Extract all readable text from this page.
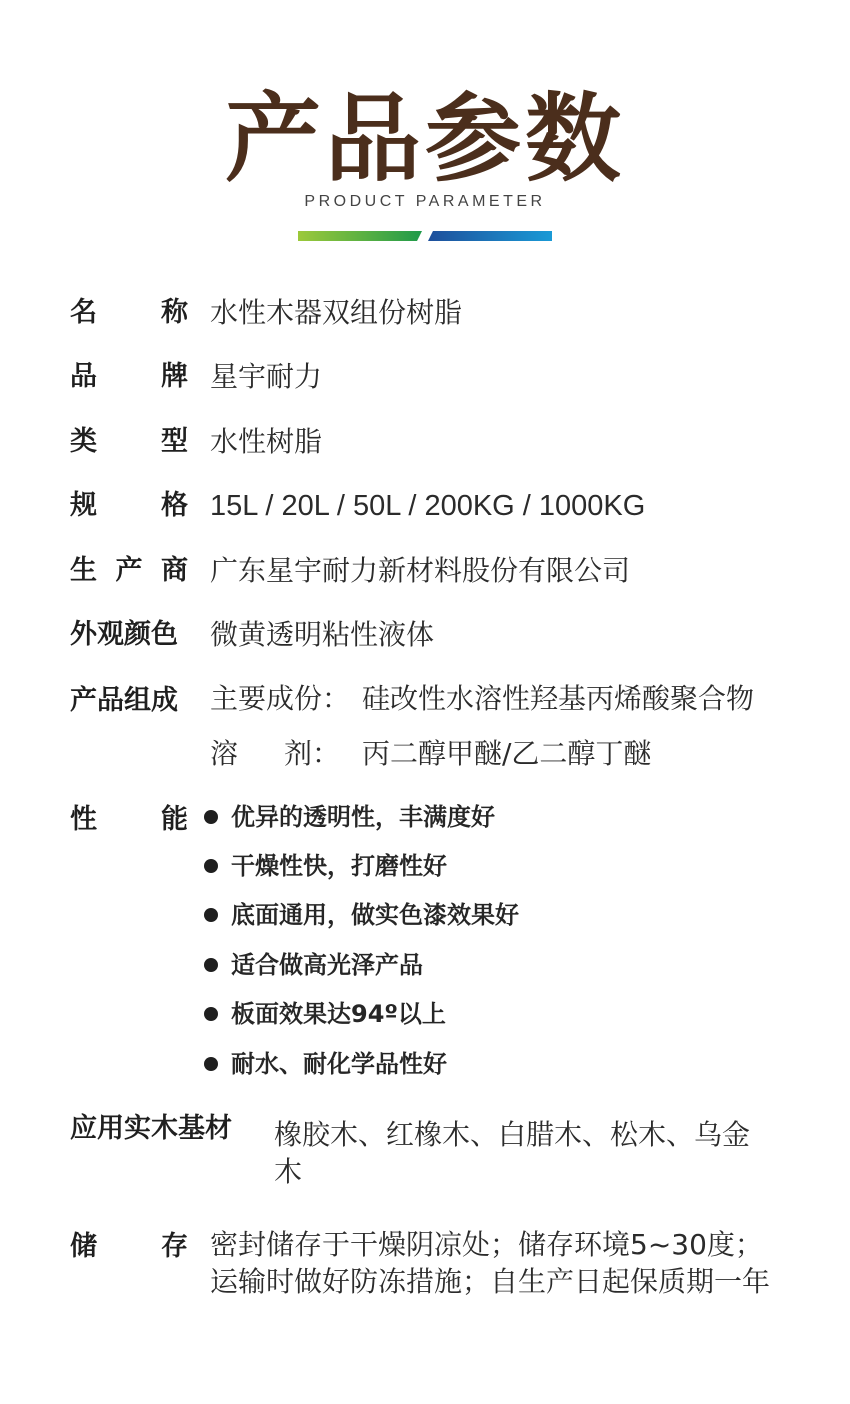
产品参数
PRODUCT PARAMETER
名 称 水性木器双组份树脂
品 牌 星宇耐力
类 型 水性树脂
规 格 15L / 20L / 50L / 200KG / 1000KG
生 产 商 广东星宇耐力新材料股份有限公司
外观颜色	微黄透明粘性液体
产品组成	主要成份： 硅改性水溶性羟基丙烯酸聚合物
溶 剂： 丙二醇甲醚/乙二醇丁醚
性 能 优异的透明性，丰满度好
干燥性快，打磨性好
底面通用，做实色漆效果好
适合做高光泽产品
板面效果达94º以上
耐水、耐化学品性好
应用实木基材	橡胶木、红橡木、白腊木、松木、乌金木
储 存 密封储存于干燥阴凉处；储存环境5~30度；运输时做好防冻措施；自生产日起保质期一年
